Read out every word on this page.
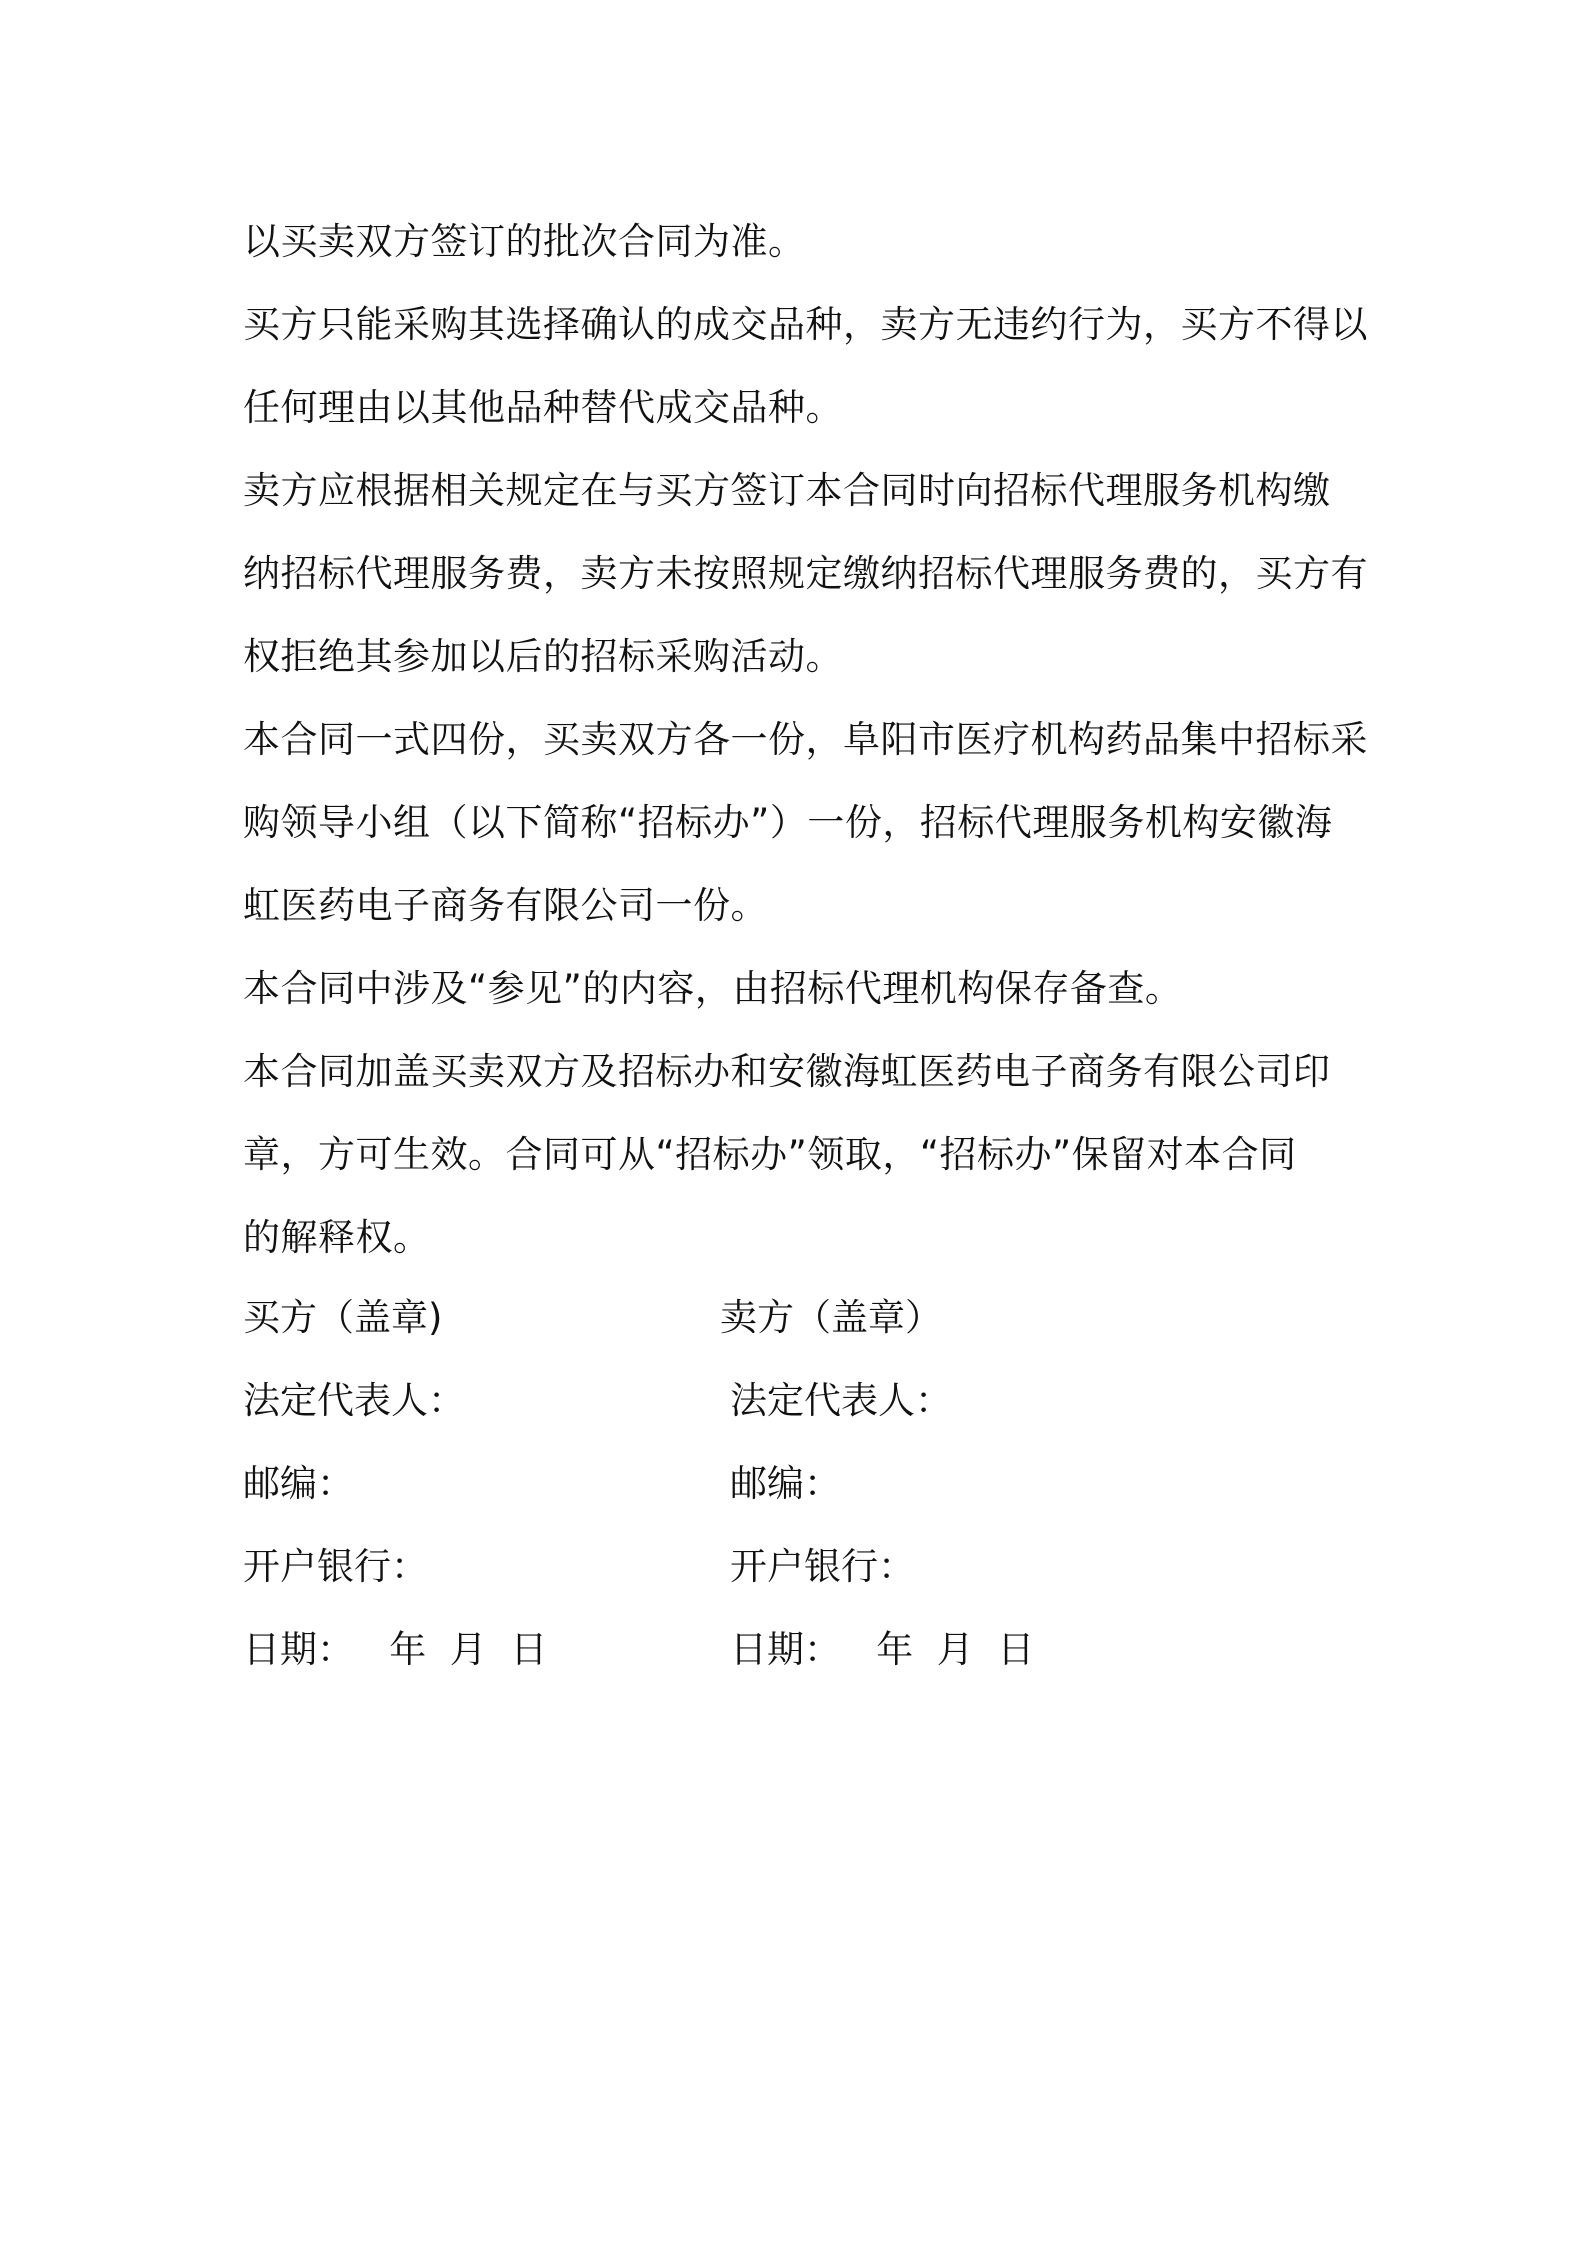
以买卖双方签订的批次合同为准。
买方只能采购其选择确认的成交品种，卖方无违约行为，买方不得以
任何理由以其他品种替代成交品种。
卖方应根据相关规定在与买方签订本合同时向招标代理服务机构缴
纳招标代理服务费，卖方未按照规定缴纳招标代理服务费的，买方有
权拒绝其参加以后的招标采购活动。
本合同一式四份，买卖双方各一份，阜阳市医疗机构药品集中招标采
购领导小组（以下简称“招标办”）一份，招标代理服务机构安徽海
虹医药电子商务有限公司一份。
本合同中涉及“参见”的内容，由招标代理机构保存备查。
本合同加盖买卖双方及招标办和安徽海虹医药电子商务有限公司印
章，方可生效。合同可从“招标办”领取，“招标办”保留对本合同
的解释权。
买方（盖章)
法定代表人：
邮编：
开户银行：
日期：   年  月  日
卖方（盖章）
法定代表人：
邮编：
开户银行：
日期：   年  月  日
